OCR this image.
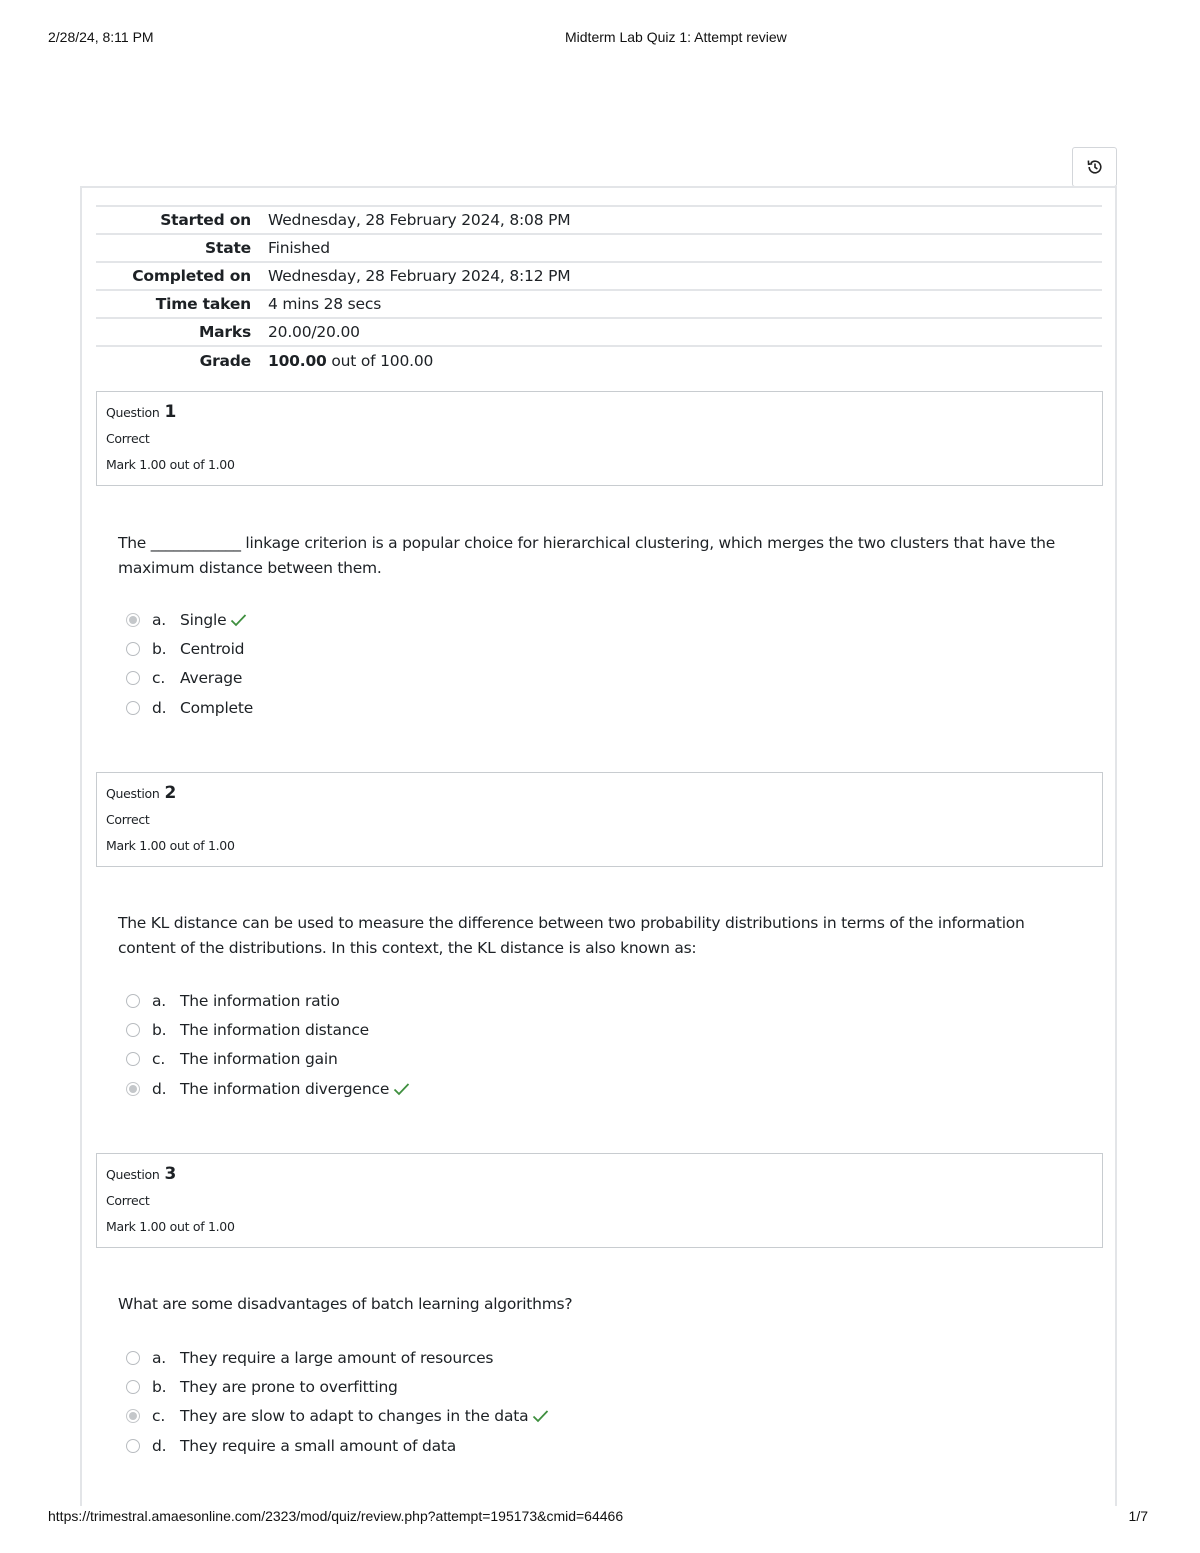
2/28/24, 8:11 PM	Midterm Lab Quiz 1: Attempt review
Started on	Wednesday, 28 February 2024, 8:08 PM
State	Finished
Completed on	Wednesday, 28 February 2024, 8:12 PM
Time taken	4 mins 28 secs
Marks	20.00/20.00
Grade	100.00 out of 100.00
Question 1
Correct
Mark 1.00 out of 1.00
The ____________ linkage criterion is a popular choice for hierarchical clustering, which merges the two clusters that have the maximum distance between them.
a. Single
b. Centroid
c. Average
d. Complete
Question 2
Correct
Mark 1.00 out of 1.00
The KL distance can be used to measure the difference between two probability distributions in terms of the information content of the distributions. In this context, the KL distance is also known as:
a. The information ratio
b. The information distance
c. The information gain
d. The information divergence
Question 3
Correct
Mark 1.00 out of 1.00
What are some disadvantages of batch learning algorithms?
a. They require a large amount of resources
b. They are prone to overfitting
c. They are slow to adapt to changes in the data
d. They require a small amount of data
https://trimestral.amaesonline.com/2323/mod/quiz/review.php?attempt=195173&cmid=64466	1/7
